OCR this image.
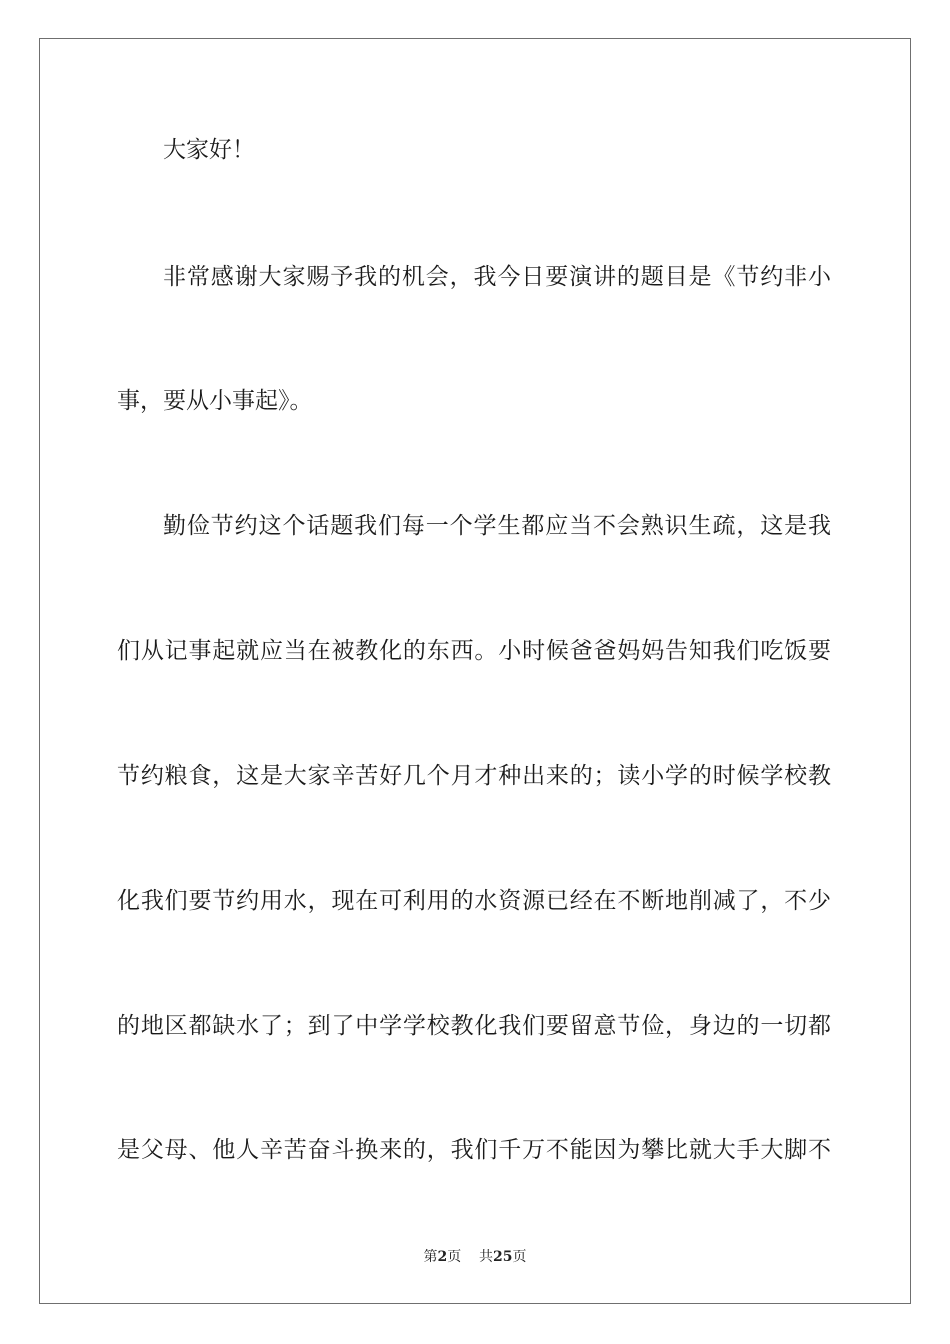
大家好！
非常感谢大家赐予我的机会，我今日要演讲的题目是《节约非小
事，要从小事起》。
勤俭节约这个话题我们每一个学生都应当不会熟识生疏，这是我
们从记事起就应当在被教化的东西。小时候爸爸妈妈告知我们吃饭要
节约粮食，这是大家辛苦好几个月才种出来的；读小学的时候学校教
化我们要节约用水，现在可利用的水资源已经在不断地削减了，不少
的地区都缺水了；到了中学学校教化我们要留意节俭，身边的一切都
是父母、他人辛苦奋斗换来的，我们千万不能因为攀比就大手大脚不
第2页 共25页
